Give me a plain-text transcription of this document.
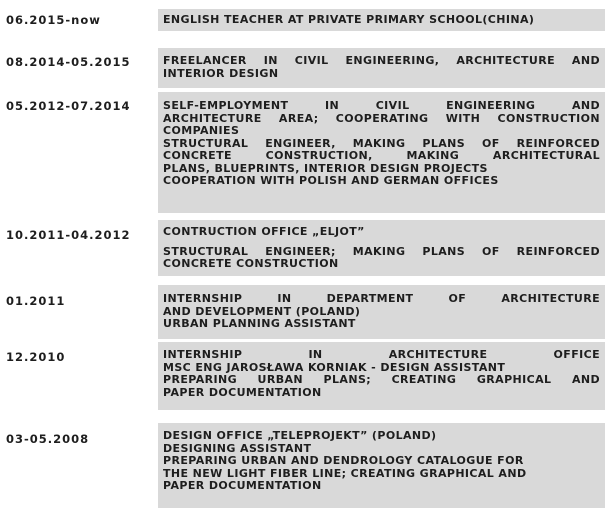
06.2015-now	ENGLISH TEACHER AT PRIVATE PRIMARY SCHOOL(CHINA)
08.2014-05.2015	FREELANCER IN CIVIL ENGINEERING, ARCHITECTURE AND
INTERIOR DESIGN
05.2012-07.2014	SELF-EMPLOYMENT IN CIVIL ENGINEERING AND
ARCHITECTURE AREA; COOPERATING WITH CONSTRUCTION
COMPANIES
STRUCTURAL ENGINEER, MAKING PLANS OF REINFORCED
CONCRETE CONSTRUCTION, MAKING ARCHITECTURAL
PLANS, BLUEPRINTS, INTERIOR DESIGN PROJECTS
COOPERATION WITH POLISH AND GERMAN OFFICES
10.2011-04.2012	CONTRUCTION OFFICE „ELJOT”
STRUCTURAL ENGINEER; MAKING PLANS OF REINFORCED
CONCRETE CONSTRUCTION
01.2011	INTERNSHIP IN DEPARTMENT OF ARCHITECTURE
AND DEVELOPMENT (POLAND)
URBAN PLANNING ASSISTANT
12.2010	INTERNSHIP IN ARCHITECTURE OFFICE
MSC ENG JAROSŁAWA KORNIAK - DESIGN ASSISTANT
PREPARING URBAN PLANS; CREATING GRAPHICAL AND
PAPER DOCUMENTATION
03-05.2008	DESIGN OFFICE „TELEPROJEKT” (POLAND)
DESIGNING ASSISTANT
PREPARING URBAN AND DENDROLOGY CATALOGUE FOR
THE NEW LIGHT FIBER LINE; CREATING GRAPHICAL AND
PAPER DOCUMENTATION
